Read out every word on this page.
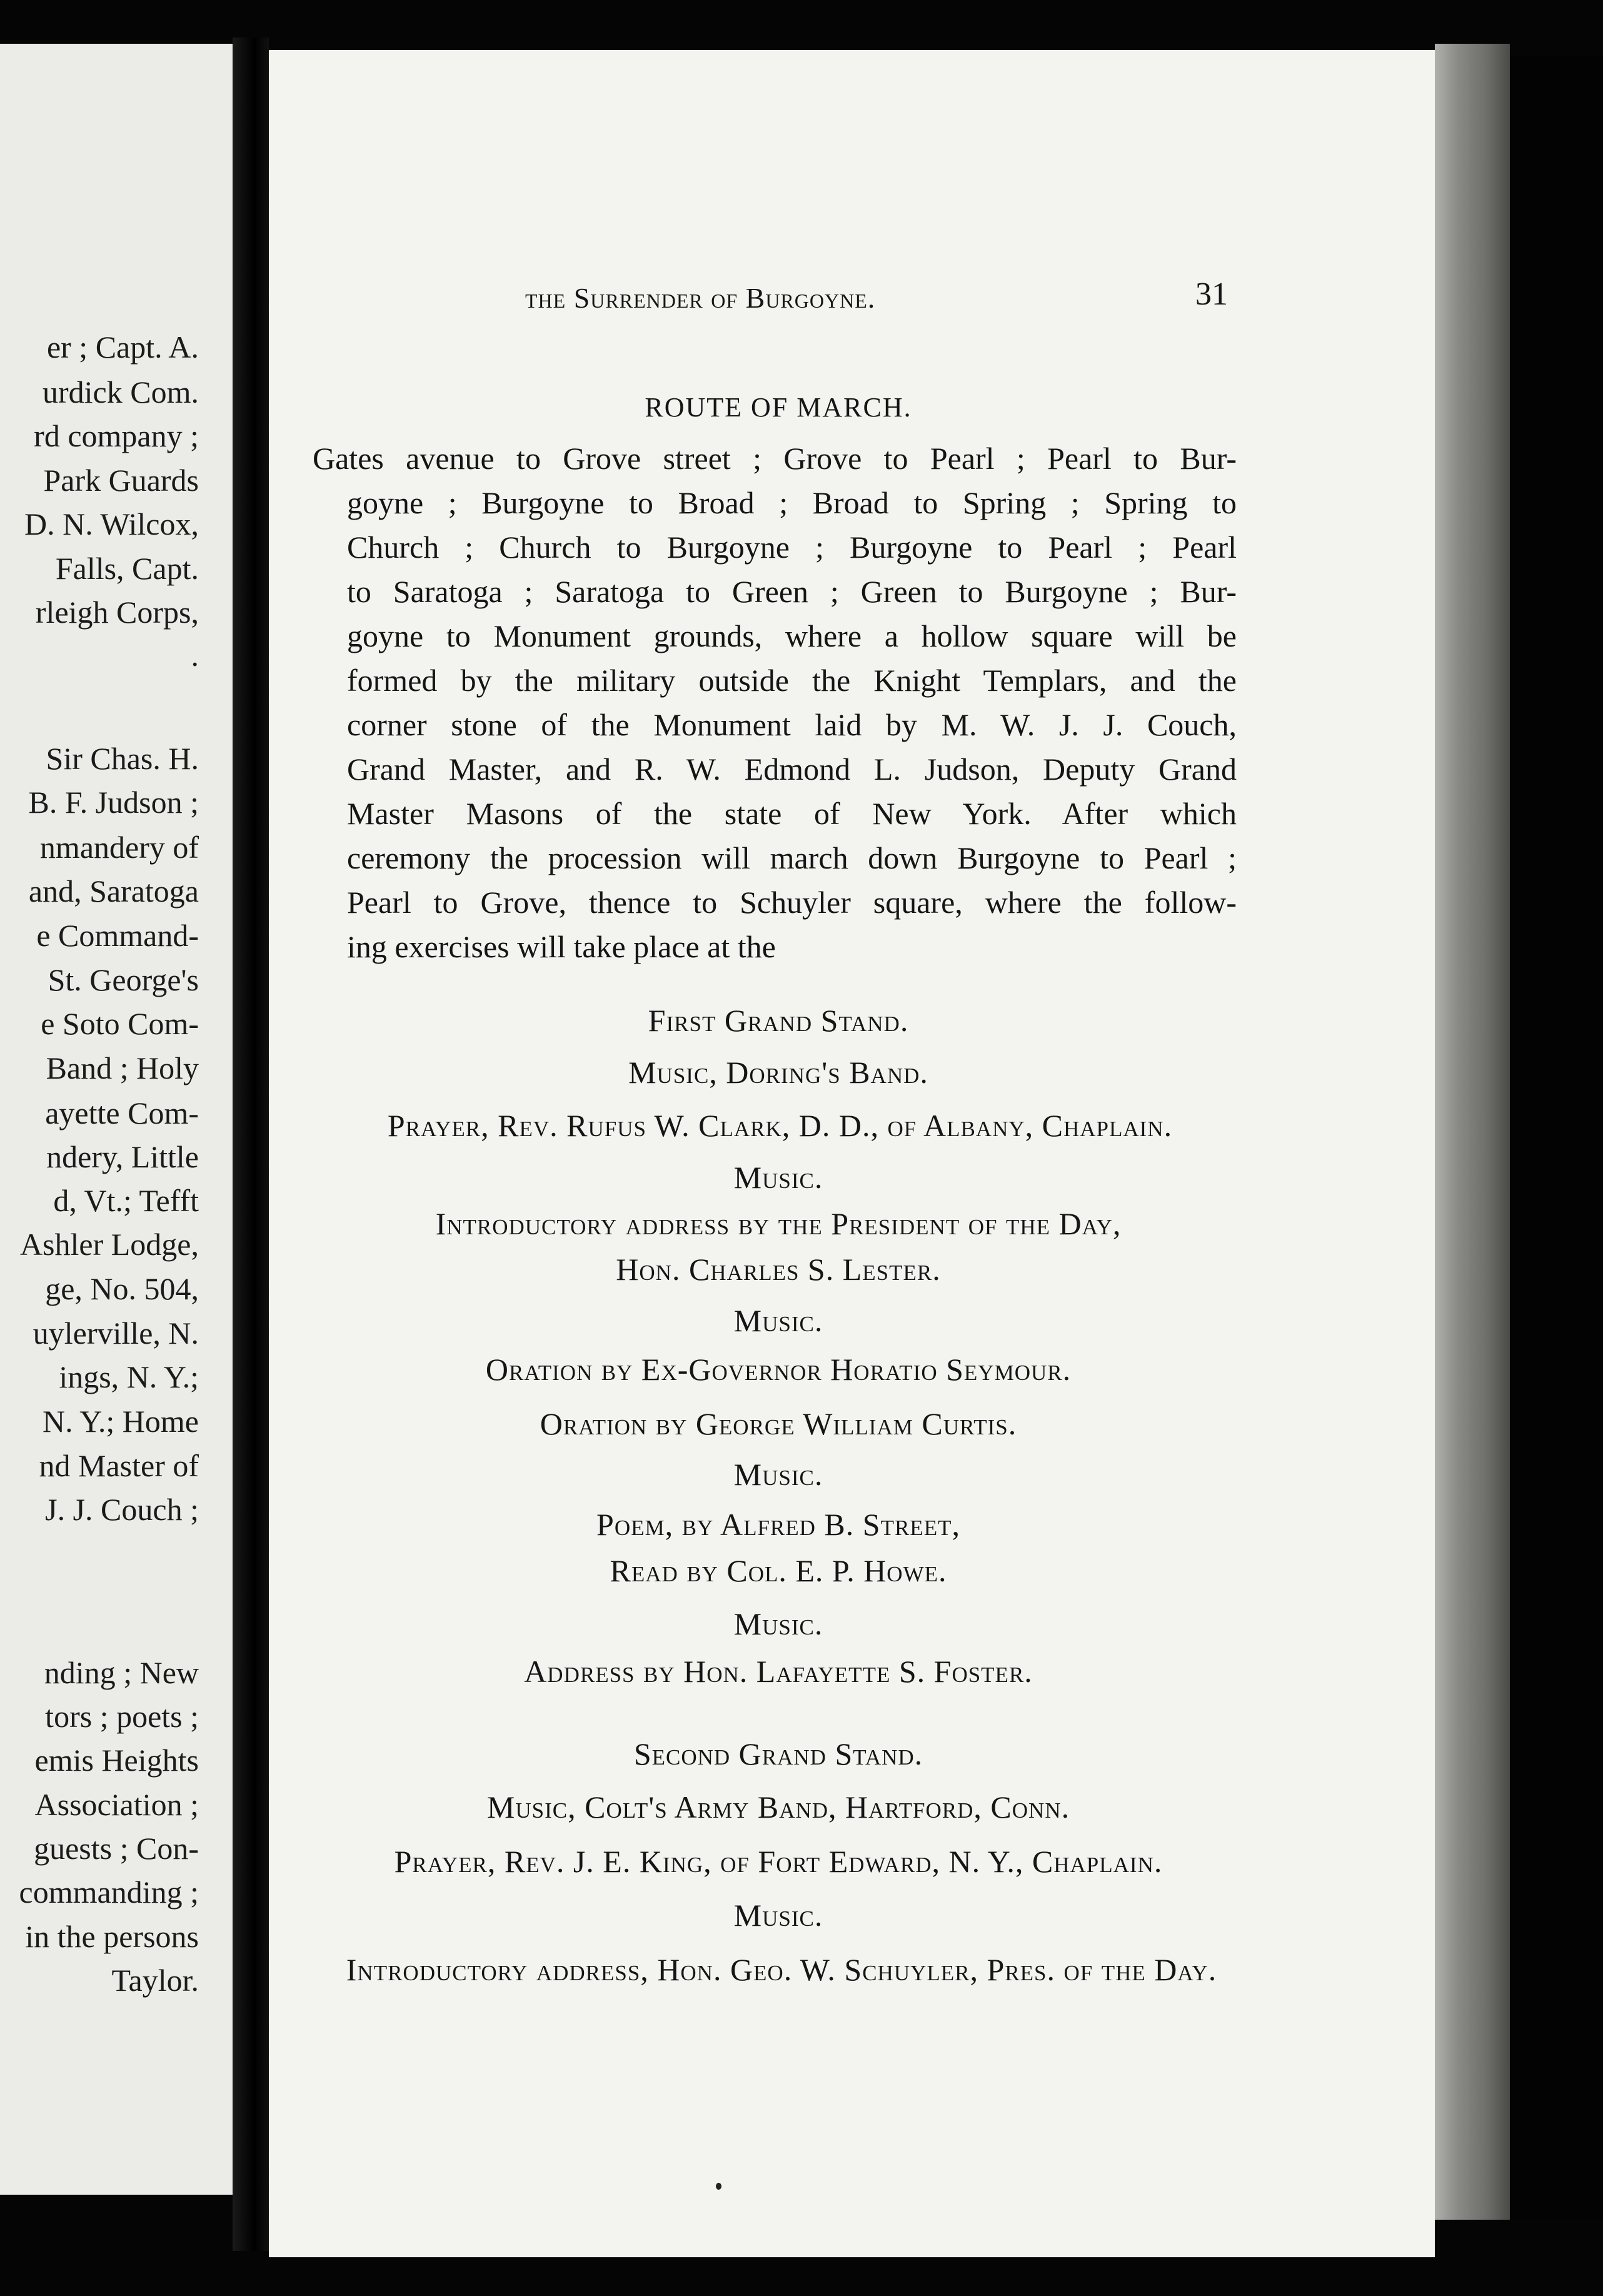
er ; Capt. A.
urdick Com.
rd company ;
Park Guards
D. N. Wilcox,
Falls, Capt.
rleigh Corps,
.
Sir Chas. H.
B. F. Judson ;
nmandery of
and, Saratoga
e Command-
St. George's
e Soto Com-
Band ; Holy
ayette Com-
ndery, Little
d, Vt.; Tefft
Ashler Lodge,
ge, No. 504,
uylerville, N.
ings, N. Y.;
N. Y.; Home
nd Master of
J. J. Couch ;
nding ; New
tors ; poets ;
emis Heights
Association ;
guests ; Con-
commanding ;
in the persons
Taylor.
the Surrender of Burgoyne.	31
ROUTE OF MARCH.
Gates avenue to Grove street ; Grove to Pearl ; Pearl to Bur-
goyne ; Burgoyne to Broad ; Broad to Spring ; Spring to
Church ; Church to Burgoyne ; Burgoyne to Pearl ; Pearl
to Saratoga ; Saratoga to Green ; Green to Burgoyne ; Bur-
goyne to Monument grounds, where a hollow square will be
formed by the military outside the Knight Templars, and the
corner stone of the Monument laid by M. W. J. J. Couch,
Grand Master, and R. W. Edmond L. Judson, Deputy Grand
Master Masons of the state of New York. After which
ceremony the procession will march down Burgoyne to Pearl ;
Pearl to Grove, thence to Schuyler square, where the follow-
ing exercises will take place at the
First Grand Stand.
Music, Doring's Band.
Prayer, Rev. Rufus W. Clark, D. D., of Albany, Chaplain.
Music.
Introductory address by the President of the Day,
Hon. Charles S. Lester.
Music.
Oration by Ex-Governor Horatio Seymour.
Oration by George William Curtis.
Music.
Poem, by Alfred B. Street,
Read by Col. E. P. Howe.
Music.
Address by Hon. Lafayette S. Foster.
Second Grand Stand.
Music, Colt's Army Band, Hartford, Conn.
Prayer, Rev. J. E. King, of Fort Edward, N. Y., Chaplain.
Music.
Introductory address, Hon. Geo. W. Schuyler, Pres. of the Day.
